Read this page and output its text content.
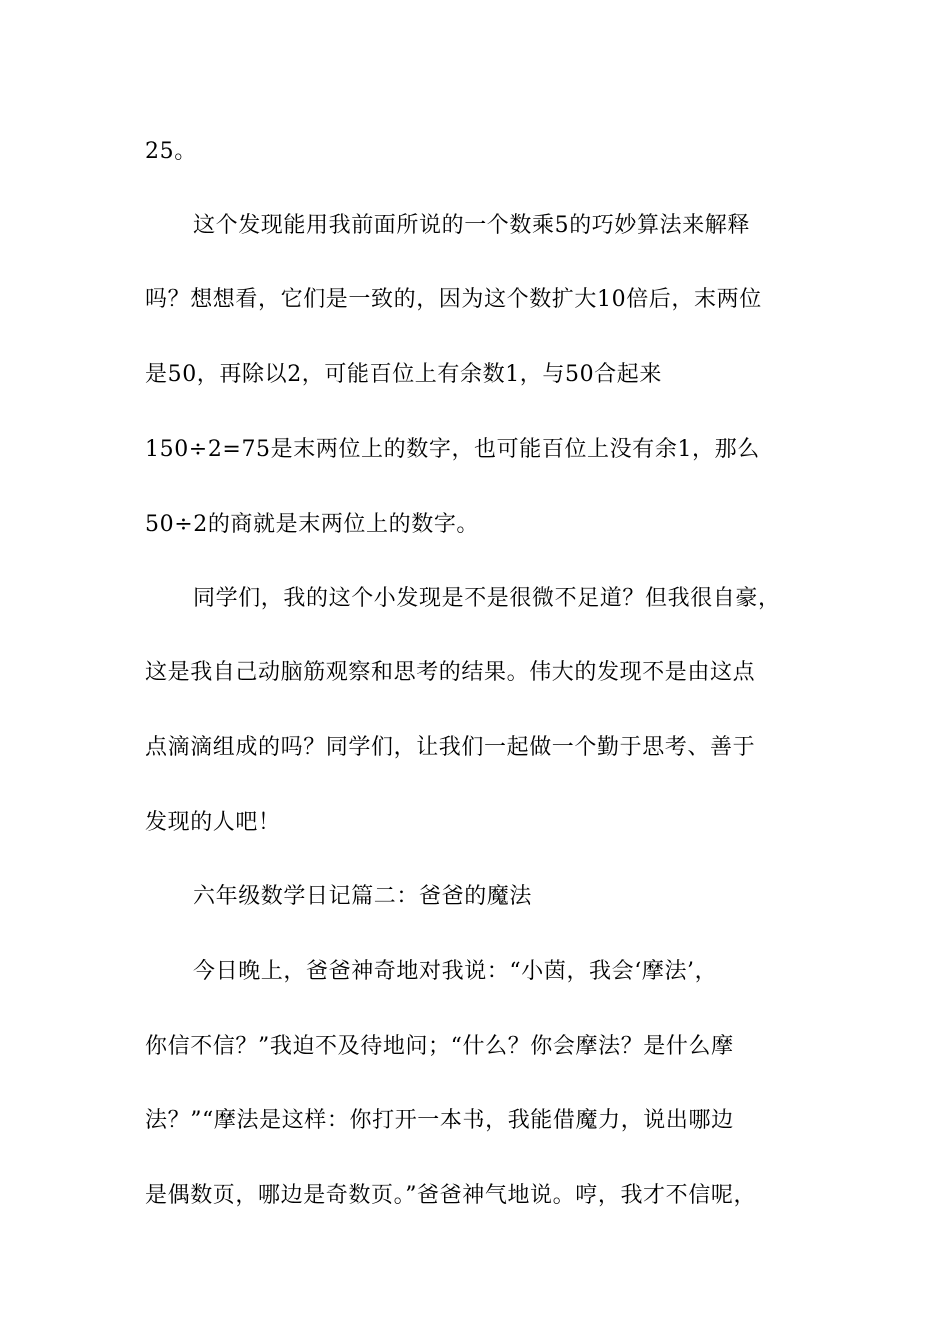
25。
这个发现能用我前面所说的一个数乘5的巧妙算法来解释
吗？想想看，它们是一致的，因为这个数扩大10倍后，末两位
是50，再除以2，可能百位上有余数1，与50合起来
150÷2=75是末两位上的数字，也可能百位上没有余1，那么
50÷2的商就是末两位上的数字。
同学们，我的这个小发现是不是很微不足道？但我很自豪，
这是我自己动脑筋观察和思考的结果。伟大的发现不是由这点
点滴滴组成的吗？同学们，让我们一起做一个勤于思考、善于
发现的人吧！
六年级数学日记篇二：爸爸的魔法
今日晚上，爸爸神奇地对我说：“小茵，我会‘摩法’，
你信不信？”我迫不及待地问；“什么？你会摩法？是什么摩
法？”“摩法是这样：你打开一本书，我能借魔力，说出哪边
是偶数页，哪边是奇数页。”爸爸神气地说。哼，我才不信呢，
